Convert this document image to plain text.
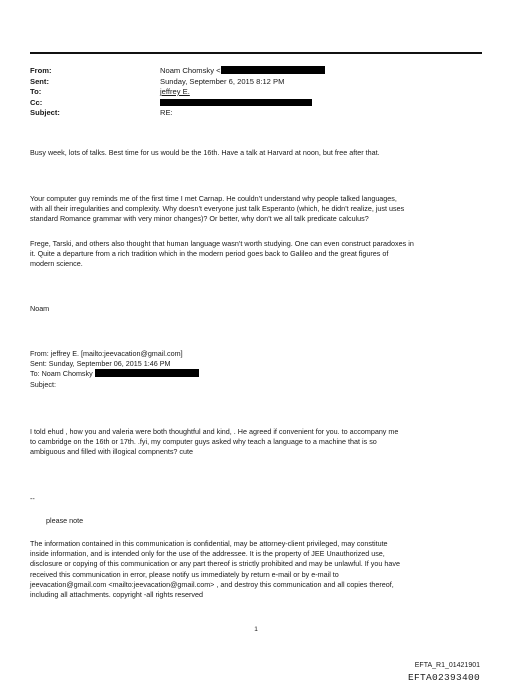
From:	Noam Chomsky <
Sent:	Sunday, September 6, 2015 8:12 PM
To:	jeffrey E.
Cc:
Subject:	RE:

Busy week, lots of talks. Best time for us would be the 16th. Have a talk at Harvard at noon, but free after that.

Your computer guy reminds me of the first time I met Carnap. He couldn’t understand why people talked languages,

with all their irregularities and complexity. Why doesn’t everyone just talk Esperanto (which, he didn’t realize, just uses

standard Romance grammar with very minor changes)? Or better, why don’t we all talk predicate calculus?

Frege, Tarski, and others also thought that human language wasn’t worth studying. One can even construct paradoxes in

it. Quite a departure from a rich tradition which in the modern period goes back to Galileo and the great figures of

modern science.

Noam

From: jeffrey E. [mailto:jeevacation@gmail.com]

Sent: Sunday, September 06, 2015 1:46 PM

To: Noam Chomsky

Subject:

I told ehud , how you and valeria were both thoughtful and kind, . He agreed if convenient for you. to accompany me

to cambridge on the 16th or 17th. .fyi, my computer guys asked why teach a language to a machine that is so

ambiguous and filled with illogical compnents? cute

--

please note

The information contained in this communication is confidential, may be attorney-client privileged, may constitute

inside information, and is intended only for the use of the addressee. It is the property of JEE Unauthorized use,

disclosure or copying of this communication or any part thereof is strictly prohibited and may be unlawful. If you have

received this communication in error, please notify us immediately by return e-mail or by e-mail to

jeevacation@gmail.com <mailto:jeevacation@gmail.com> , and destroy this communication and all copies thereof,

including all attachments. copyright -all rights reserved

1
EFTA_R1_01421901
EFTA02393400
